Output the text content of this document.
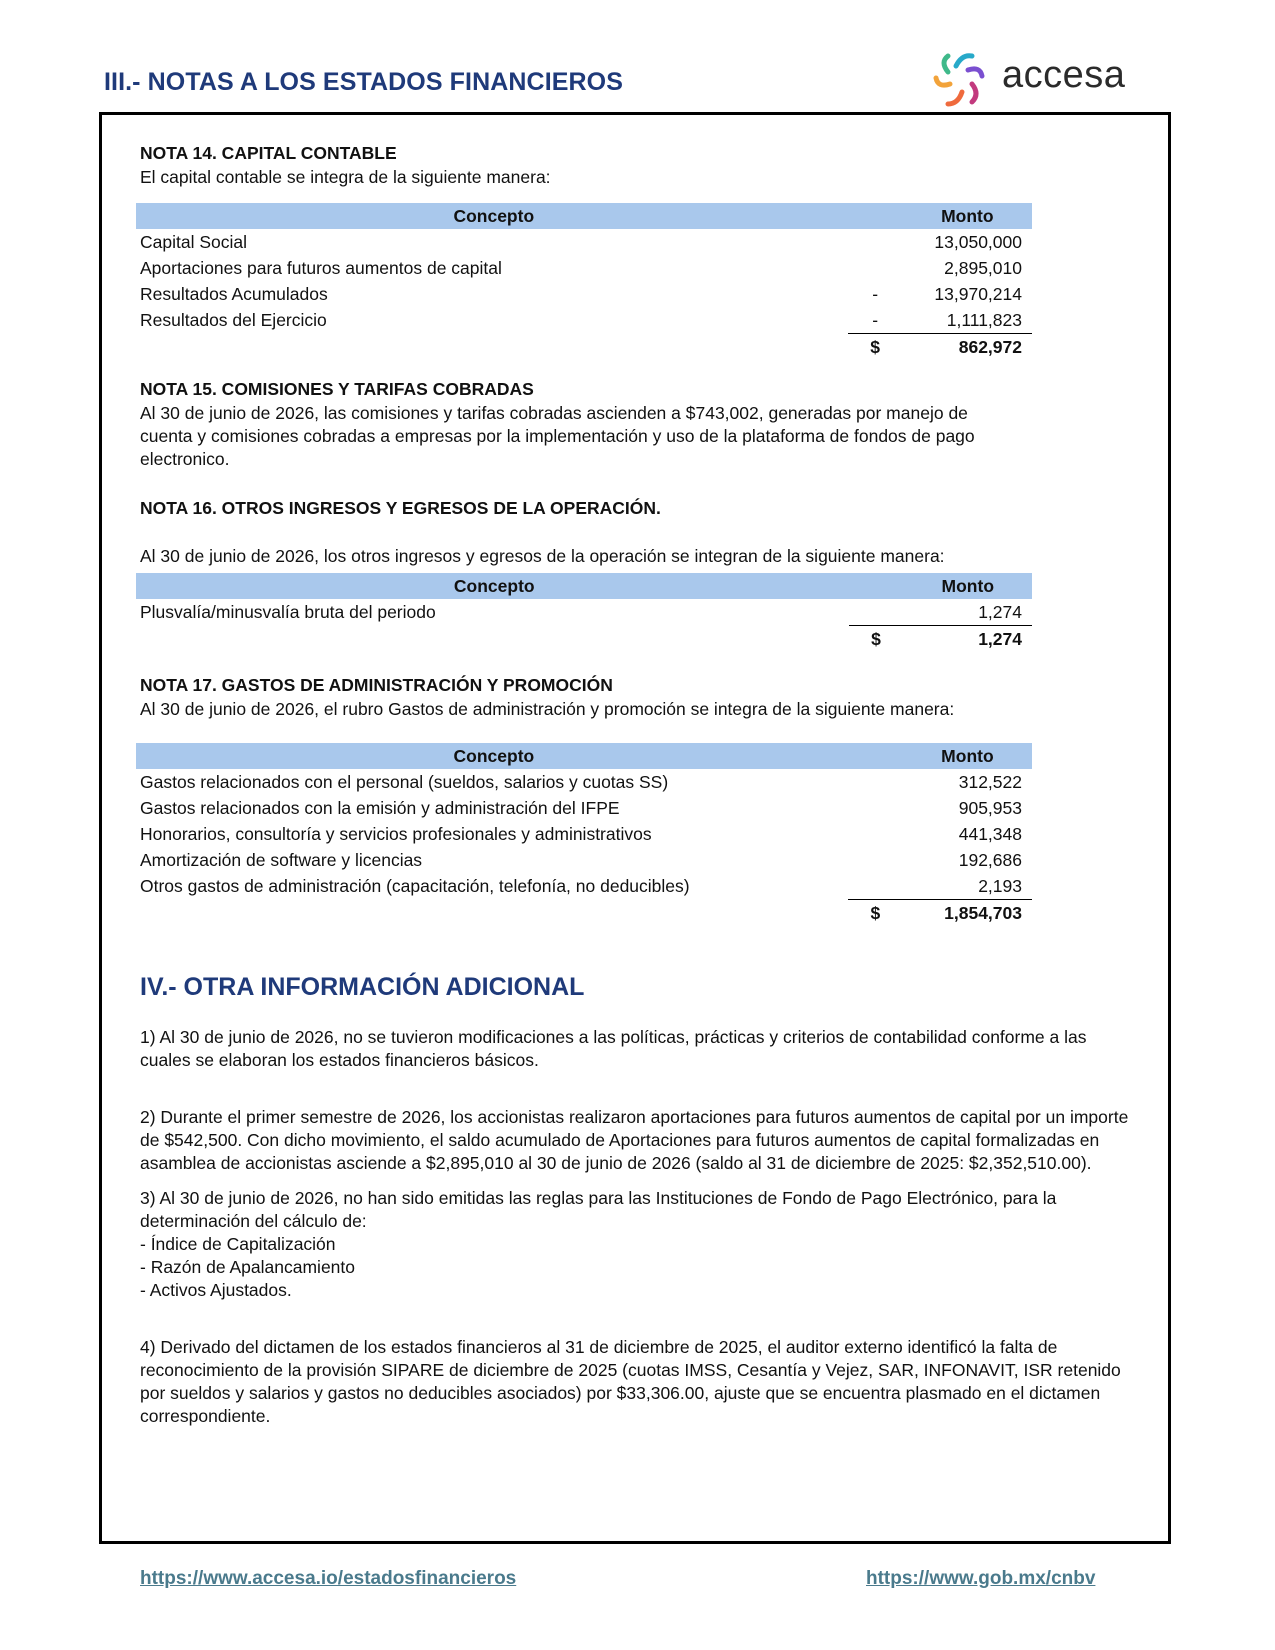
III.- NOTAS A LOS ESTADOS FINANCIEROS	accesa

NOTA 14. CAPITAL CONTABLE

El capital contable se integra de la siguiente manera:

Concepto		Monto
Capital Social		13,050,000
Aportaciones para futuros aumentos de capital		2,895,010
Resultados Acumulados	-	13,970,214
Resultados del Ejercicio	-	1,111,823
	$	862,972

NOTA 15. COMISIONES Y TARIFAS COBRADAS

Al 30 de junio de 2026, las comisiones y tarifas cobradas ascienden a $743,002, generadas por manejo de cuenta y comisiones cobradas a empresas por la implementación y uso de la plataforma de fondos de pago electronico.

NOTA 16. OTROS INGRESOS Y EGRESOS DE LA OPERACIÓN.

Al 30 de junio de 2026, los otros ingresos y egresos de la operación se integran de la siguiente manera:

Concepto		Monto
Plusvalía/minusvalía bruta del periodo		1,274
	$	1,274

NOTA 17. GASTOS DE ADMINISTRACIÓN Y PROMOCIÓN

Al 30 de junio de 2026, el rubro Gastos de administración y promoción se integra de la siguiente manera:

Concepto		Monto
Gastos relacionados con el personal (sueldos, salarios y cuotas SS)		312,522
Gastos relacionados con la emisión y administración del IFPE		905,953
Honorarios, consultoría y servicios profesionales y administrativos		441,348
Amortización de software y licencias		192,686
Otros gastos de administración (capacitación, telefonía, no deducibles)		2,193
	$	1,854,703

IV.- OTRA INFORMACIÓN ADICIONAL

1) Al 30 de junio de 2026, no se tuvieron modificaciones a las políticas, prácticas y criterios de contabilidad conforme a las cuales se elaboran los estados financieros básicos.

2) Durante el primer semestre de 2026, los accionistas realizaron aportaciones para futuros aumentos de capital por un importe de $542,500. Con dicho movimiento, el saldo acumulado de Aportaciones para futuros aumentos de capital formalizadas en asamblea de accionistas asciende a $2,895,010 al 30 de junio de 2026 (saldo al 31 de diciembre de 2025: $2,352,510.00).

3) Al 30 de junio de 2026, no han sido emitidas las reglas para las Instituciones de Fondo de Pago Electrónico, para la determinación del cálculo de:

- Índice de Capitalización

- Razón de Apalancamiento

- Activos Ajustados.

4) Derivado del dictamen de los estados financieros al 31 de diciembre de 2025, el auditor externo identificó la falta de reconocimiento de la provisión SIPARE de diciembre de 2025 (cuotas IMSS, Cesantía y Vejez, SAR, INFONAVIT, ISR retenido por sueldos y salarios y gastos no deducibles asociados) por $33,306.00, ajuste que se encuentra plasmado en el dictamen correspondiente.

https://www.accesa.io/estadosfinancieros	https://www.gob.mx/cnbv
